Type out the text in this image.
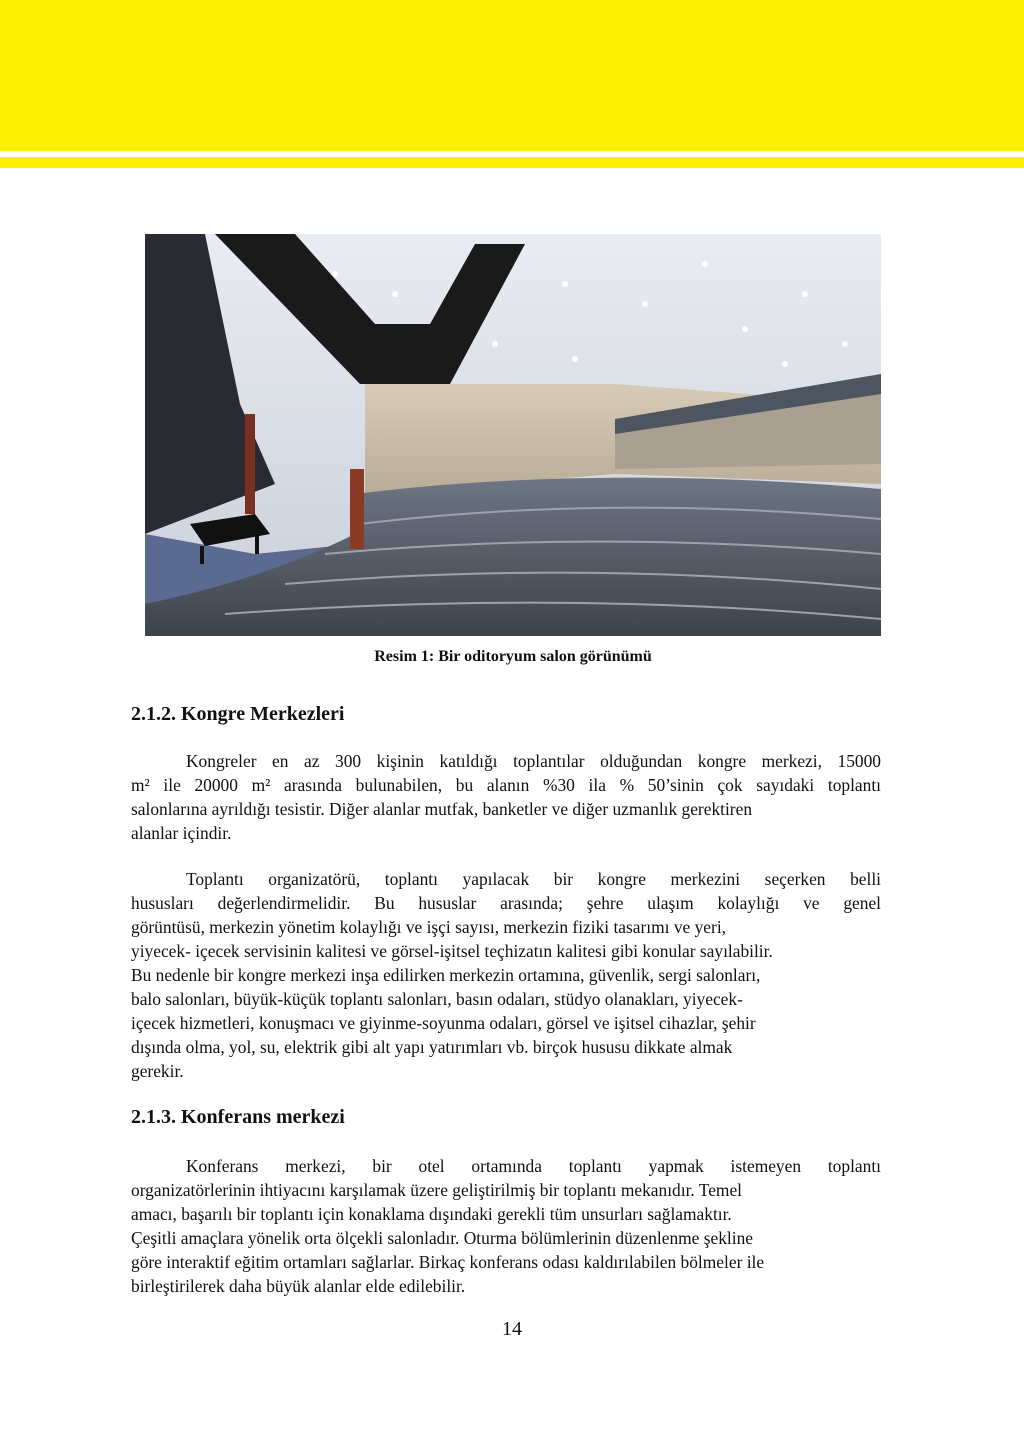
Resim 1: Bir oditoryum salon görünümü
2.1.2. Kongre Merkezleri
Kongreler en az 300 kişinin katıldığı toplantılar olduğundan kongre merkezi, 15000
m² ile 20000 m² arasında bulunabilen, bu alanın %30 ila % 50’sinin çok sayıdaki toplantı
salonlarına ayrıldığı tesistir. Diğer alanlar mutfak, banketler ve diğer uzmanlık gerektiren
alanlar içindir.
Toplantı organizatörü, toplantı yapılacak bir kongre merkezini seçerken belli
hususları değerlendirmelidir. Bu hususlar arasında; şehre ulaşım kolaylığı ve genel
görüntüsü, merkezin yönetim kolaylığı ve işçi sayısı, merkezin fiziki tasarımı ve yeri,
yiyecek- içecek servisinin kalitesi ve görsel-işitsel teçhizatın kalitesi gibi konular sayılabilir.
Bu nedenle bir kongre merkezi inşa edilirken merkezin ortamına, güvenlik, sergi salonları,
balo salonları, büyük-küçük toplantı salonları, basın odaları, stüdyo olanakları, yiyecek-
içecek hizmetleri, konuşmacı ve giyinme-soyunma odaları, görsel ve işitsel cihazlar, şehir
dışında olma, yol, su, elektrik gibi alt yapı yatırımları vb. birçok hususu dikkate almak
gerekir.
2.1.3. Konferans merkezi
Konferans merkezi, bir otel ortamında toplantı yapmak istemeyen toplantı
organizatörlerinin ihtiyacını karşılamak üzere geliştirilmiş bir toplantı mekanıdır. Temel
amacı, başarılı bir toplantı için konaklama dışındaki gerekli tüm unsurları sağlamaktır.
Çeşitli amaçlara yönelik orta ölçekli salonladır. Oturma bölümlerinin düzenlenme şekline
göre interaktif eğitim ortamları sağlarlar. Birkaç konferans odası kaldırılabilen bölmeler ile
birleştirilerek daha büyük alanlar elde edilebilir.
14
